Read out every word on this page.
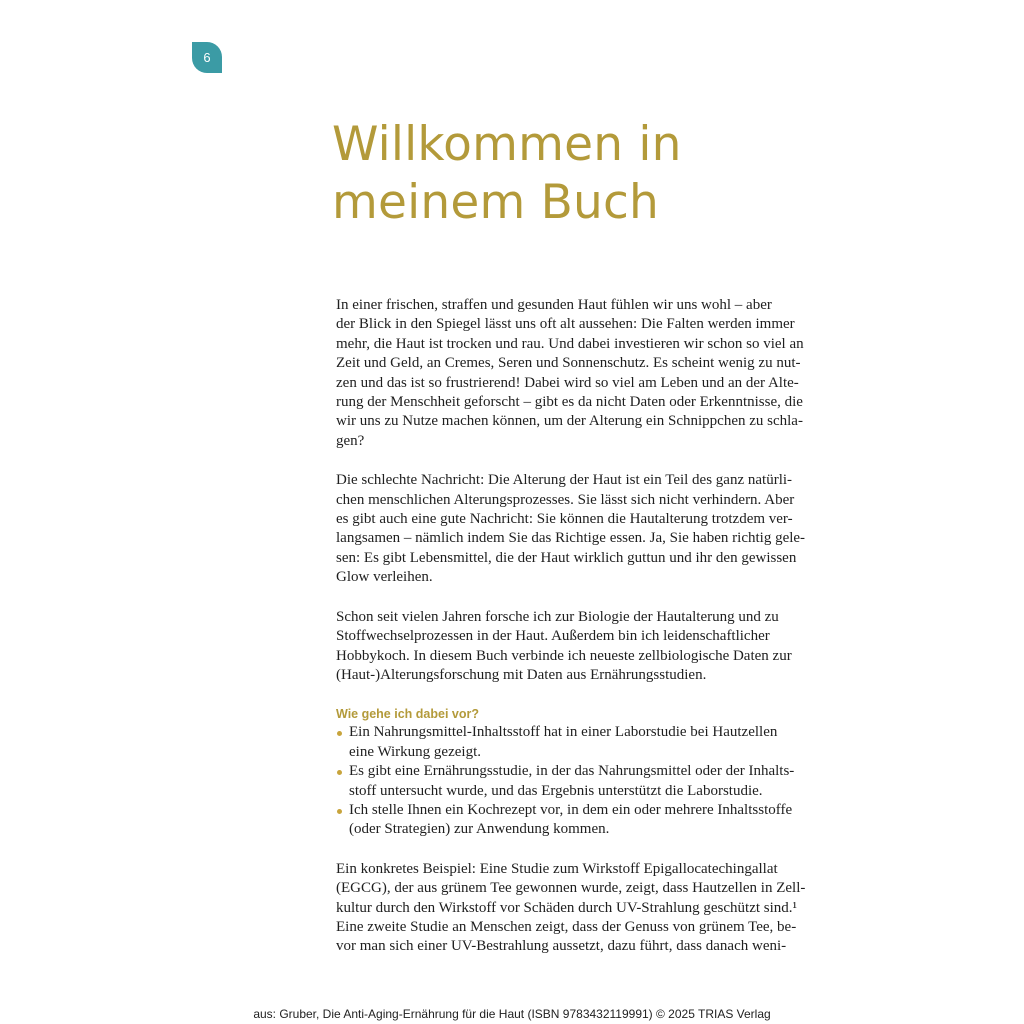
6
Willkommen in
meinem Buch

In einer frischen, straffen und gesunden Haut fühlen wir uns wohl – aber
der Blick in den Spiegel lässt uns oft alt aussehen: Die Falten werden immer
mehr, die Haut ist trocken und rau. Und dabei investieren wir schon so viel an
Zeit und Geld, an Cremes, Seren und Sonnenschutz. Es scheint wenig zu nut-
zen und das ist so frustrierend! Dabei wird so viel am Leben und an der Alte-
rung der Menschheit geforscht – gibt es da nicht Daten oder Erkenntnisse, die
wir uns zu Nutze machen können, um der Alterung ein Schnippchen zu schla-
gen?

Die schlechte Nachricht: Die Alterung der Haut ist ein Teil des ganz natürli-
chen menschlichen Alterungsprozesses. Sie lässt sich nicht verhindern. Aber
es gibt auch eine gute Nachricht: Sie können die Hautalterung trotzdem ver-
langsamen – nämlich indem Sie das Richtige essen. Ja, Sie haben richtig gele-
sen: Es gibt Lebensmittel, die der Haut wirklich guttun und ihr den gewissen
Glow verleihen.

Schon seit vielen Jahren forsche ich zur Biologie der Hautalterung und zu
Stoffwechselprozessen in der Haut. Außerdem bin ich leidenschaftlicher
Hobbykoch. In diesem Buch verbinde ich neueste zellbiologische Daten zur
(Haut-)Alterungsforschung mit Daten aus Ernährungsstudien.

Wie gehe ich dabei vor?
Ein Nahrungsmittel-Inhaltsstoff hat in einer Laborstudie bei Hautzellen
eine Wirkung gezeigt.
Es gibt eine Ernährungsstudie, in der das Nahrungsmittel oder der Inhalts-
stoff untersucht wurde, und das Ergebnis unterstützt die Laborstudie.
Ich stelle Ihnen ein Kochrezept vor, in dem ein oder mehrere Inhaltsstoffe
(oder Strategien) zur Anwendung kommen.

Ein konkretes Beispiel: Eine Studie zum Wirkstoff Epigallocatechingallat
(EGCG), der aus grünem Tee gewonnen wurde, zeigt, dass Hautzellen in Zell-
kultur durch den Wirkstoff vor Schäden durch UV-Strahlung geschützt sind.¹
Eine zweite Studie an Menschen zeigt, dass der Genuss von grünem Tee, be-
vor man sich einer UV-Bestrahlung aussetzt, dazu führt, dass danach weni-

aus: Gruber, Die Anti-Aging-Ernährung für die Haut (ISBN 9783432119991) © 2025 TRIAS Verlag
